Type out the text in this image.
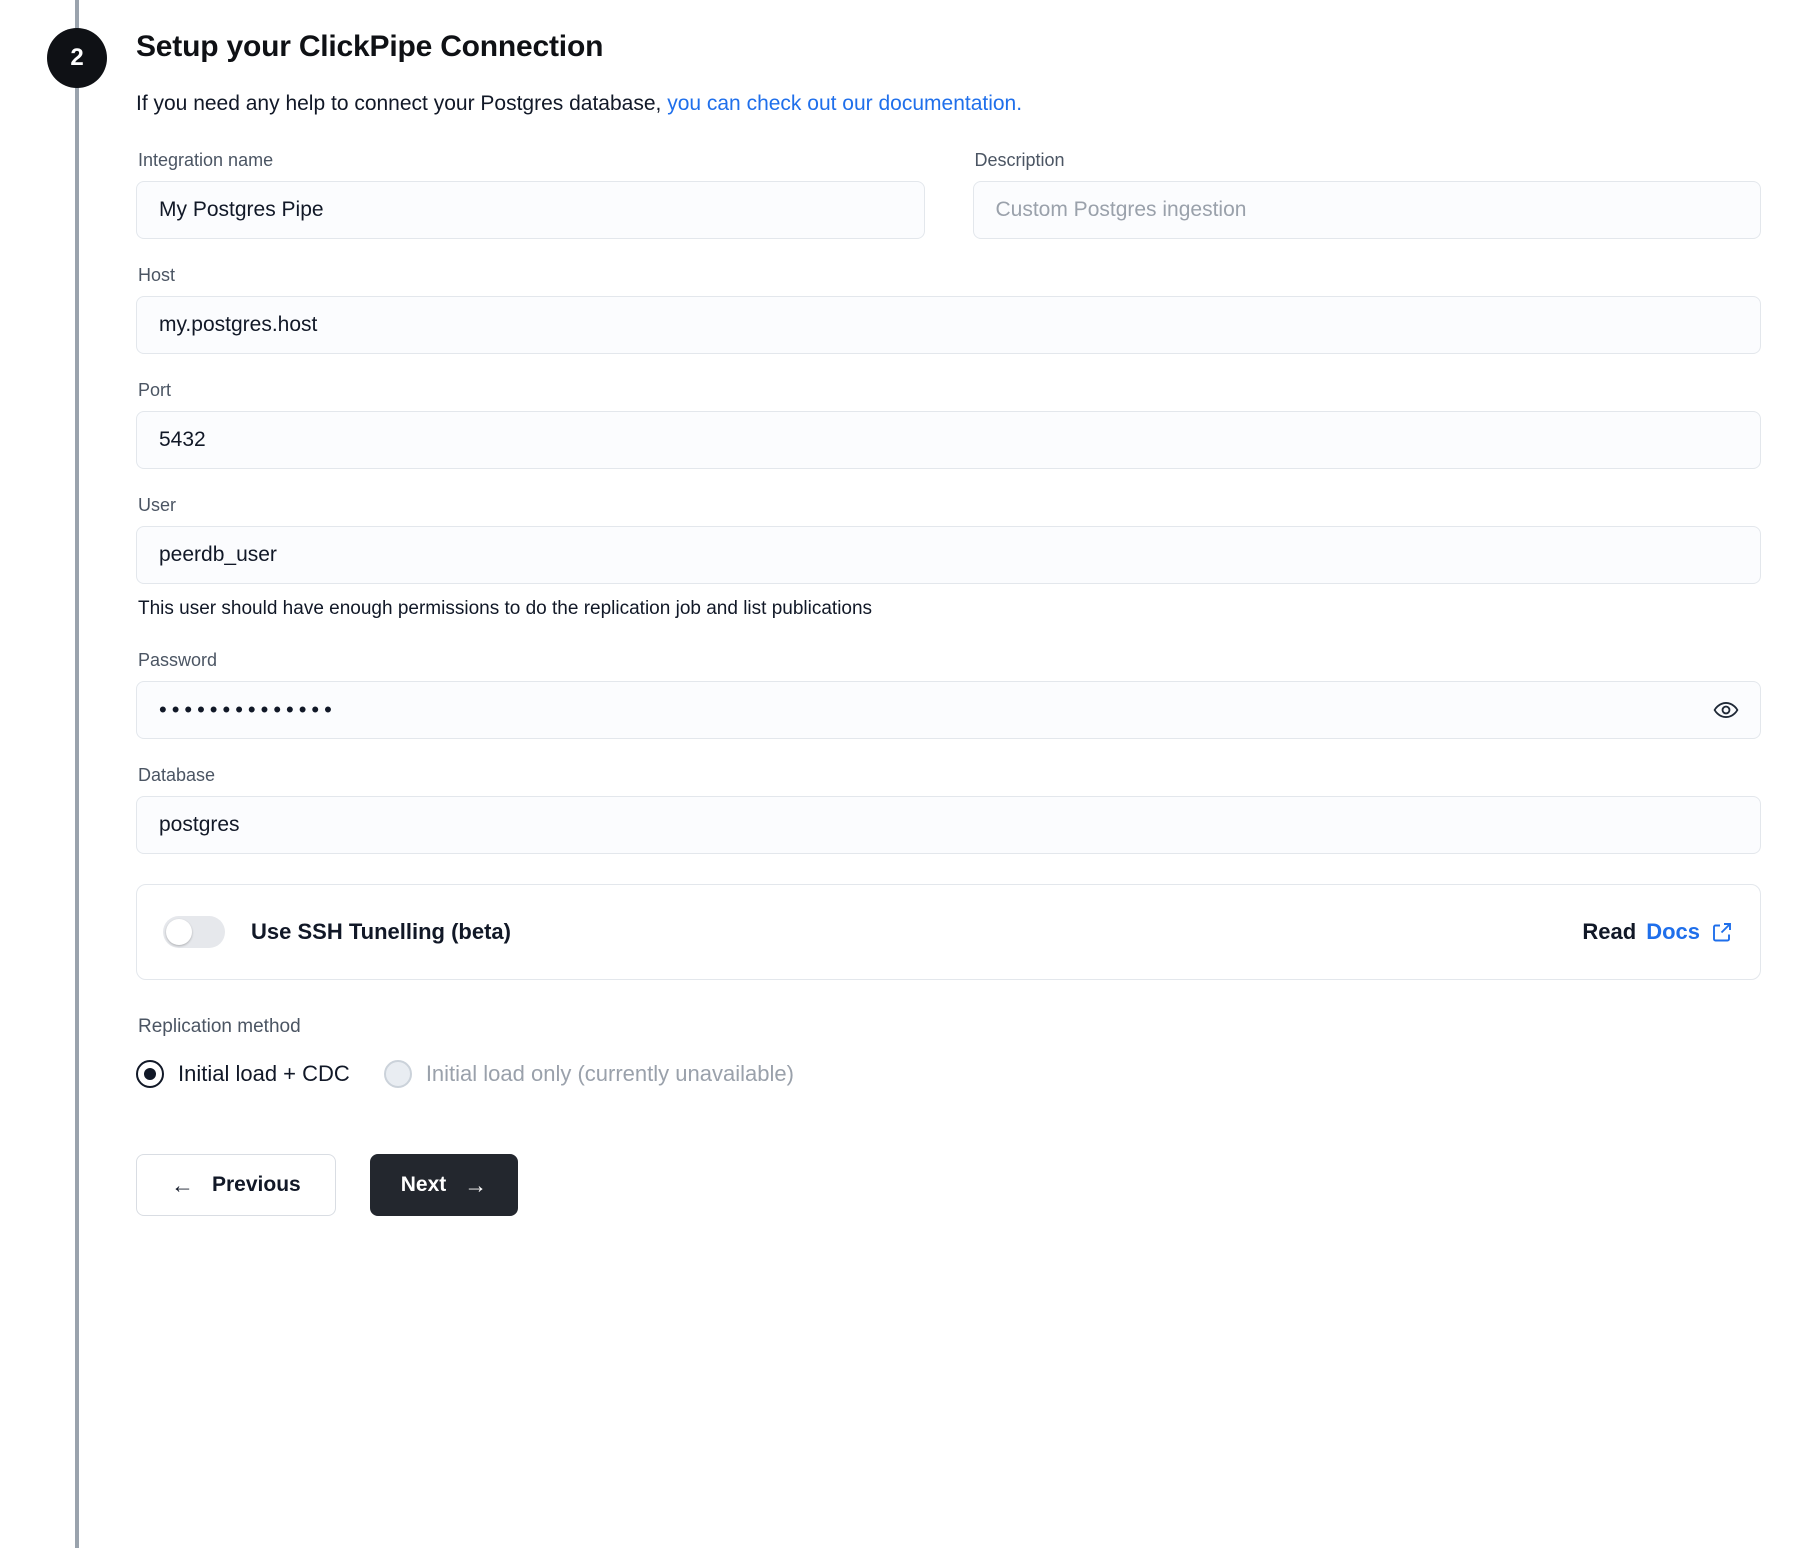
2	Setup your ClickPipe Connection

If you need any help to connect your Postgres database, you can check out our documentation.

Integration name
My Postgres Pipe
Description
Custom Postgres ingestion
Host
my.postgres.host
Port
5432
User
peerdb_user
This user should have enough permissions to do the replication job and list publications
Password
••••••••••••••
Database
postgres
Use SSH Tunelling (beta)	Read Docs
Replication method
Initial load + CDC	Initial load only (currently unavailable)
← Previous	Next →
